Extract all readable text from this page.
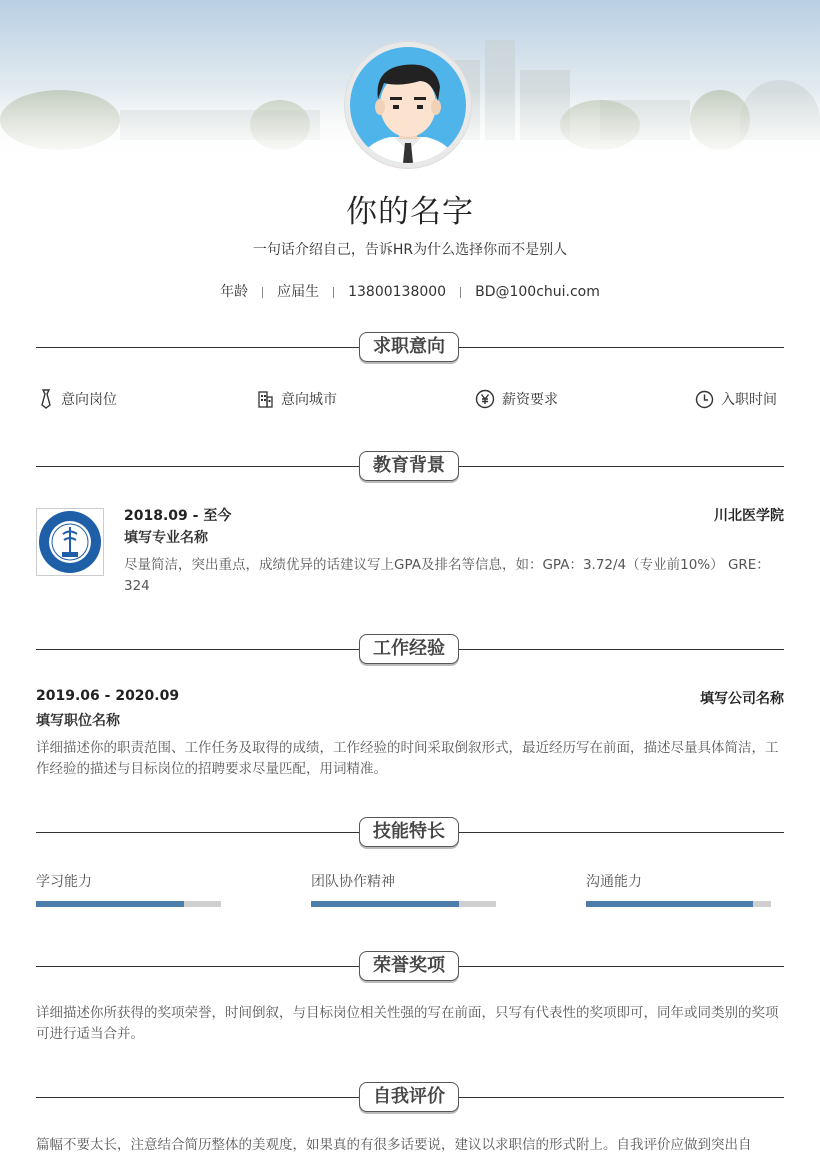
你的名字
一句话介绍自己，告诉HR为什么选择你而不是别人
年龄 应届生 13800138000 BD@100chui.com
求职意向
意向岗位	意向城市	薪资要求	入职时间
教育背景
2018.09 - 至今	川北医学院
填写专业名称
尽量简洁，突出重点，成绩优异的话建议写上GPA及排名等信息，如：GPA：3.72/4（专业前10%） GRE：324
工作经验
2019.06 - 2020.09	填写公司名称
填写职位名称
详细描述你的职责范围、工作任务及取得的成绩，工作经验的时间采取倒叙形式，最近经历写在前面，描述尽量具体简洁，工作经验的描述与目标岗位的招聘要求尽量匹配，用词精准。
技能特长
学习能力	团队协作精神	沟通能力
荣誉奖项
详细描述你所获得的奖项荣誉，时间倒叙，与目标岗位相关性强的写在前面，只写有代表性的奖项即可，同年或同类别的奖项可进行适当合并。
自我评价
篇幅不要太长，注意结合简历整体的美观度，如果真的有很多话要说，建议以求职信的形式附上。自我评价应做到突出自
